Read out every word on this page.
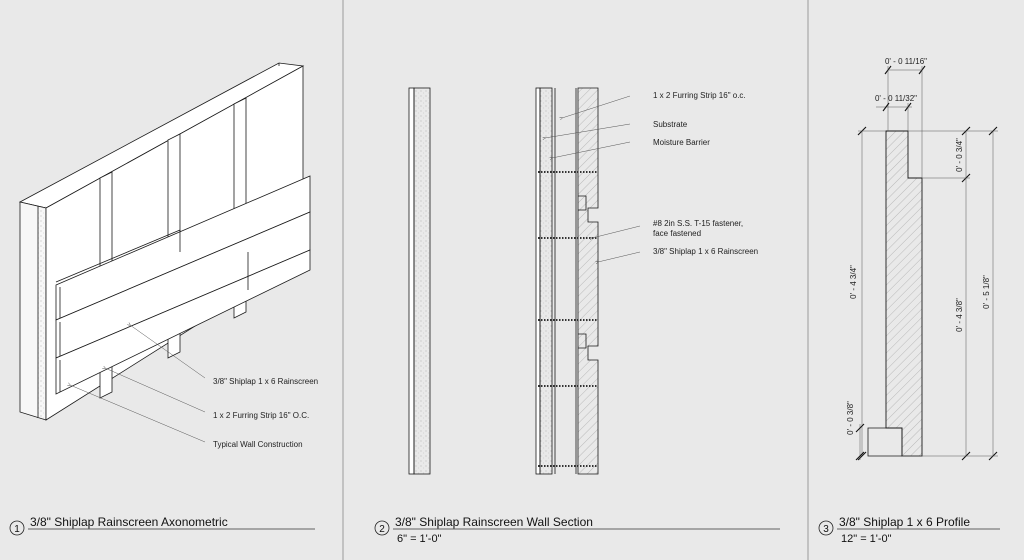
3/8" Shiplap 1 x 6 Rainscreen
1 x 2 Furring Strip 16" O.C.
Typical Wall Construction
1
3/8" Shiplap Rainscreen Axonometric
1 x 2 Furring Strip 16" o.c.
Substrate
Moisture Barrier
#8 2in S.S. T-15 fastener,
face fastened
3/8" Shiplap 1 x 6 Rainscreen
2
3/8" Shiplap Rainscreen Wall Section
6" = 1'-0"
0' - 0 11/16"
0' - 0 11/32"
0' - 0 3/4"
0' - 4 3/4"
0' - 4 3/8"
0' - 5 1/8"
0' - 0 3/8"
3
3/8" Shiplap 1 x 6 Profile
12" = 1'-0"
